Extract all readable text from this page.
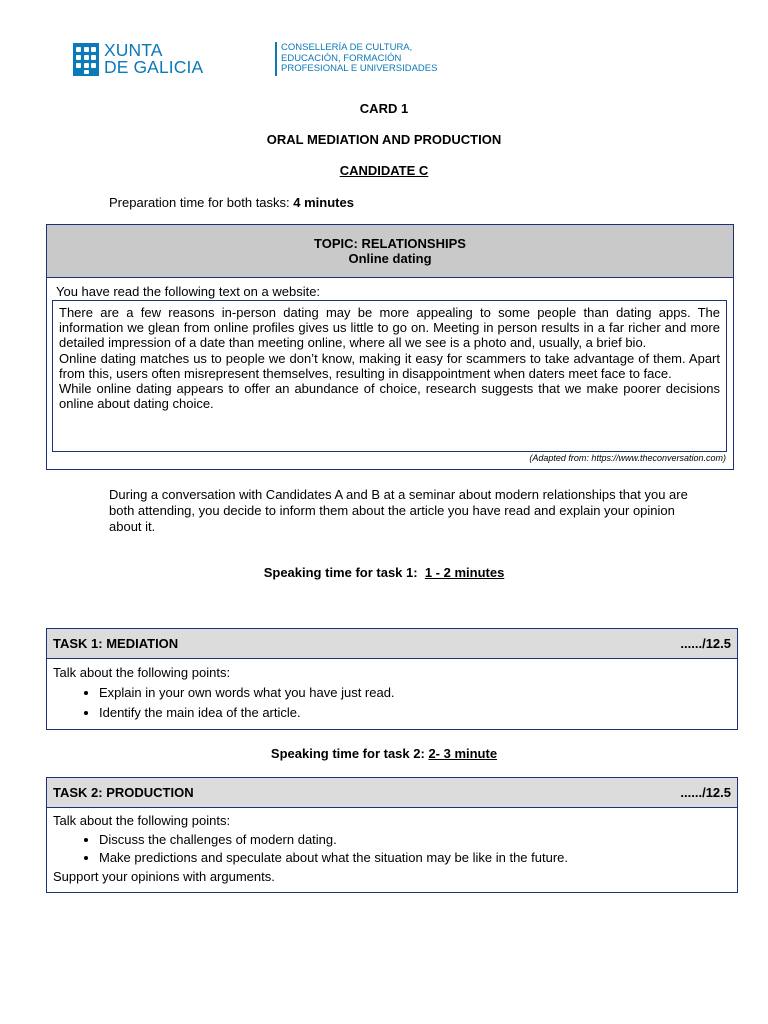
XUNTA
DE GALICIA
CONSELLERÍA DE CULTURA,
EDUCACIÓN, FORMACIÓN
PROFESIONAL E UNIVERSIDADES
CARD 1
ORAL MEDIATION AND PRODUCTION
CANDIDATE C
Preparation time for both tasks: 4 minutes
TOPIC: RELATIONSHIPS
Online dating
You have read the following text on a website:

There are a few reasons in-person dating may be more appealing to some people than dating apps. The information we glean from online profiles gives us little to go on. Meeting in person results in a far richer and more detailed impression of a date than meeting online, where all we see is a photo and, usually, a brief bio.

Online dating matches us to people we don’t know, making it easy for scammers to take advantage of them. Apart from this, users often misrepresent themselves, resulting in disappointment when daters meet face to face.

While online dating appears to offer an abundance of choice, research suggests that we make poorer decisions online about dating choice.

(Adapted from: https://www.theconversation.com)
During a conversation with Candidates A and B at a seminar about modern relationships that you are both attending, you decide to inform them about the article you have read and explain your opinion about it.
Speaking time for task 1: 1 - 2 minutes
TASK 1: MEDIATION	....../12.5
Talk about the following points:
• Explain in your own words what you have just read.
• Identify the main idea of the article.
Speaking time for task 2: 2- 3 minute
TASK 2: PRODUCTION	....../12.5
Talk about the following points:
• Discuss the challenges of modern dating.
• Make predictions and speculate about what the situation may be like in the future.
Support your opinions with arguments.
